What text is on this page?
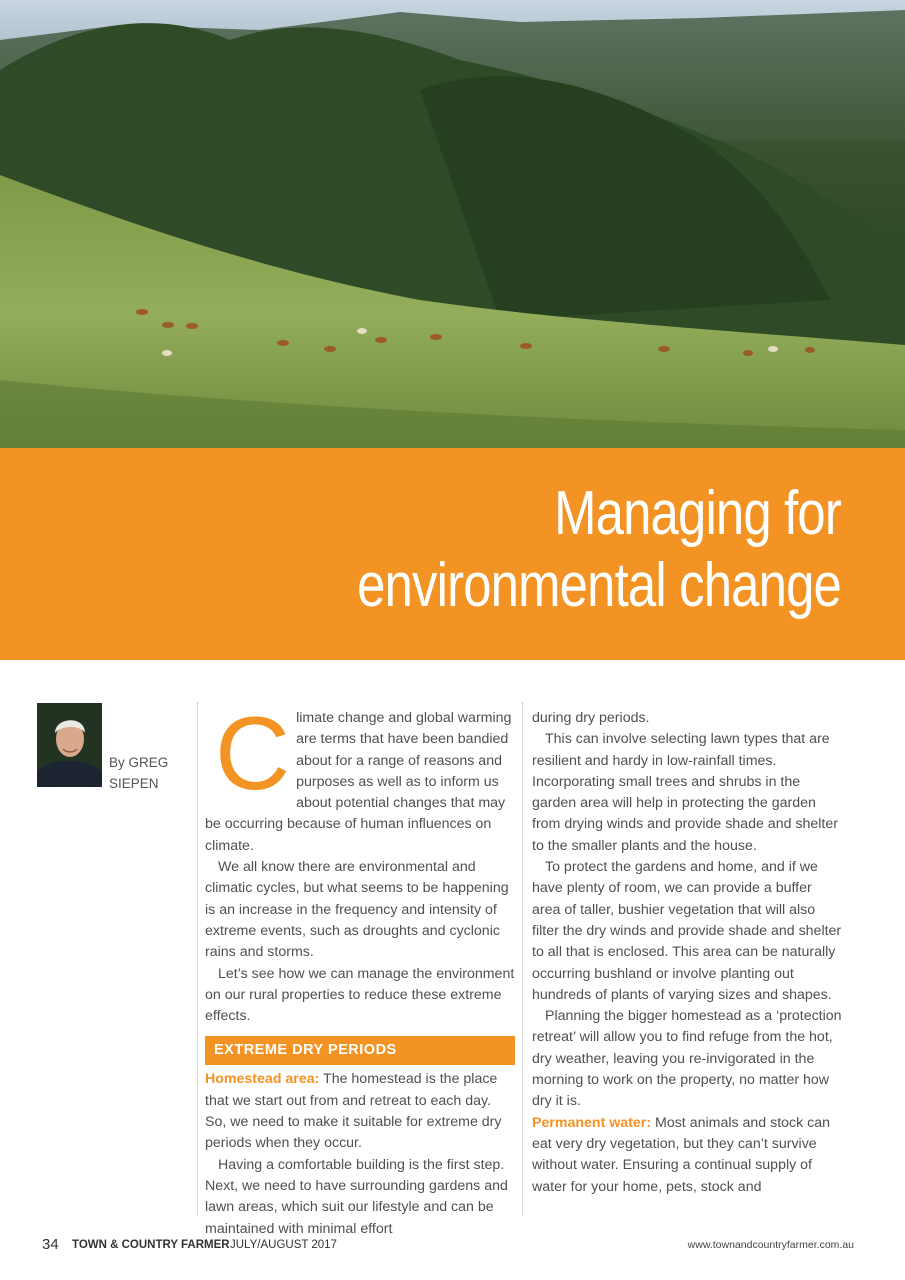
Managing for
environmental change
By GREG
SIEPEN Climate change and global warming are terms that have been bandied about for a range of reasons and purposes as well as to inform us about potential changes that may be occurring because of human influences on climate.

We all know there are environmental and climatic cycles, but what seems to be happening is an increase in the frequency and intensity of extreme events, such as droughts and cyclonic rains and storms.

Let’s see how we can manage the environment on our rural properties to reduce these extreme effects.

EXTREME DRY PERIODS

Homestead area: The homestead is the place that we start out from and retreat to each day. So, we need to make it suitable for extreme dry periods when they occur.

Having a comfortable building is the first step. Next, we need to have surrounding gardens and lawn areas, which suit our lifestyle and can be maintained with minimal effort

during dry periods.

This can involve selecting lawn types that are resilient and hardy in low-rainfall times. Incorporating small trees and shrubs in the garden area will help in protecting the garden from drying winds and provide shade and shelter to the smaller plants and the house.

To protect the gardens and home, and if we have plenty of room, we can provide a buffer area of taller, bushier vegetation that will also filter the dry winds and provide shade and shelter to all that is enclosed. This area can be naturally occurring bushland or involve planting out hundreds of plants of varying sizes and shapes.

Planning the bigger homestead as a ‘protection retreat’ will allow you to find refuge from the hot, dry weather, leaving you re-invigorated in the morning to work on the property, no matter how dry it is.

Permanent water: Most animals and stock can eat very dry vegetation, but they can’t survive without water. Ensuring a continual supply of water for your home, pets, stock and

34 TOWN & COUNTRY FARMER JULY/AUGUST 2017	www.townandcountryfarmer.com.au
